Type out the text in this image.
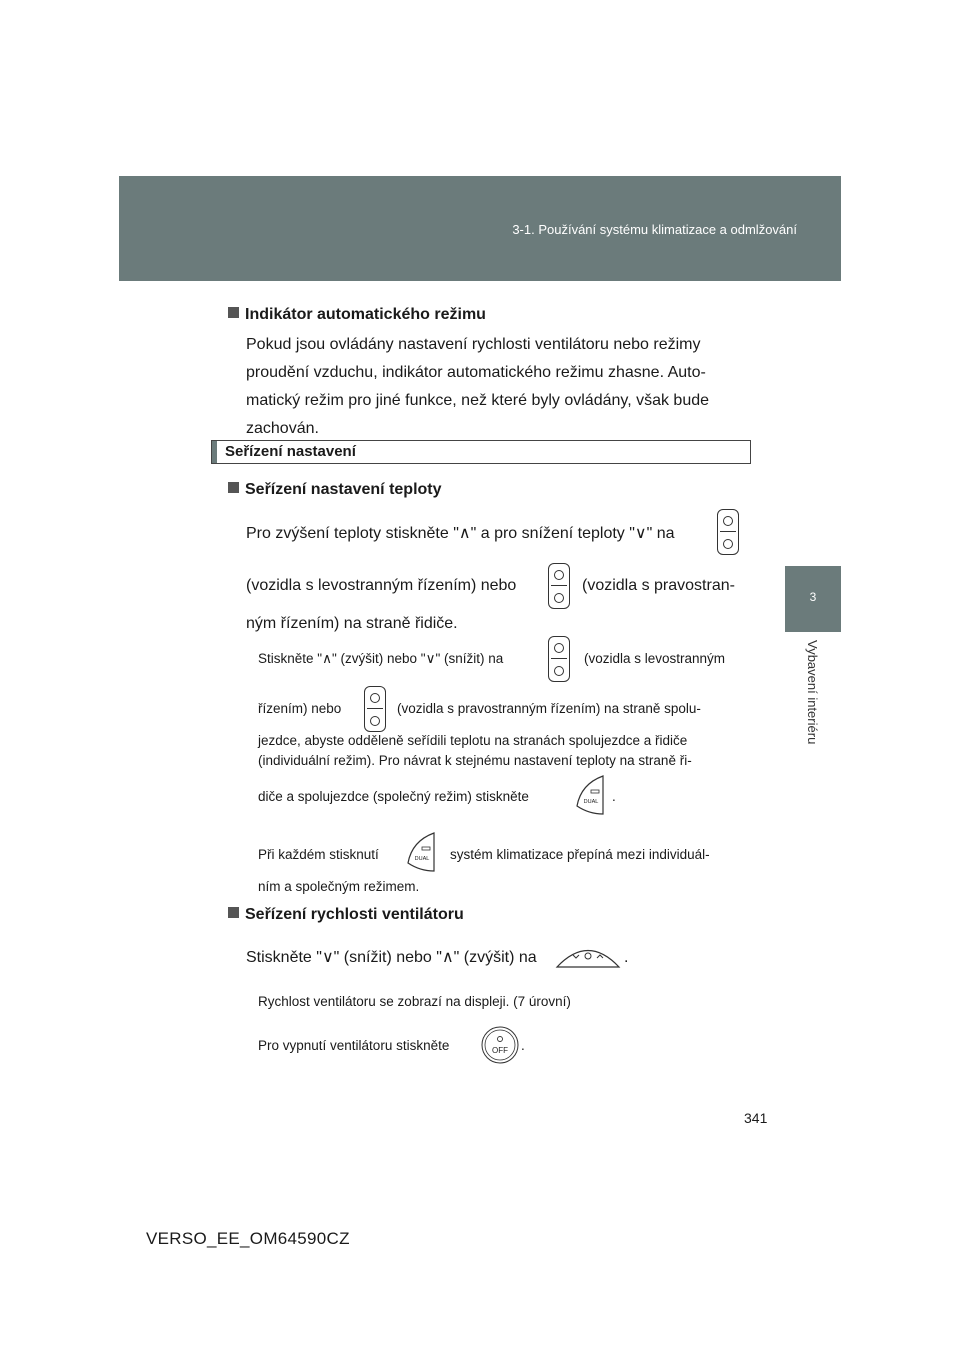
3-1. Používání systému klimatizace a odmlžování
3
Vybavení interiéru
Indikátor automatického režimu
Pokud jsou ovládány nastavení rychlosti ventilátoru nebo režimy
proudění vzduchu, indikátor automatického režimu zhasne. Auto-
matický režim pro jiné funkce, než které byly ovládány, však bude
zachován.
Seřízení nastavení
Seřízení nastavení teploty
Pro zvýšení teploty stiskněte "∧" a pro snížení teploty "∨" na
(vozidla s levostranným řízením) nebo	(vozidla s pravostran-
ným řízením) na straně řidiče.
Stiskněte "∧" (zvýšit) nebo "∨" (snížit) na	(vozidla s levostranným
řízením) nebo	(vozidla s pravostranným řízením) na straně spolu-
jezdce, abyste odděleně seřídili teplotu na stranách spolujezdce a řidiče
(individuální režim). Pro návrat k stejnému nastavení teploty na straně ři-
diče a spolujezdce (společný režim) stiskněte	.
Při každém stisknutí	systém klimatizace přepíná mezi individuál-
ním a společným režimem.
DUAL
DUAL
Seřízení rychlosti ventilátoru
Stiskněte "∨" (snížit) nebo "∧" (zvýšit) na	.
Rychlost ventilátoru se zobrazí na displeji. (7 úrovní)
Pro vypnutí ventilátoru stiskněte	.
OFF
341
VERSO_EE_OM64590CZ
